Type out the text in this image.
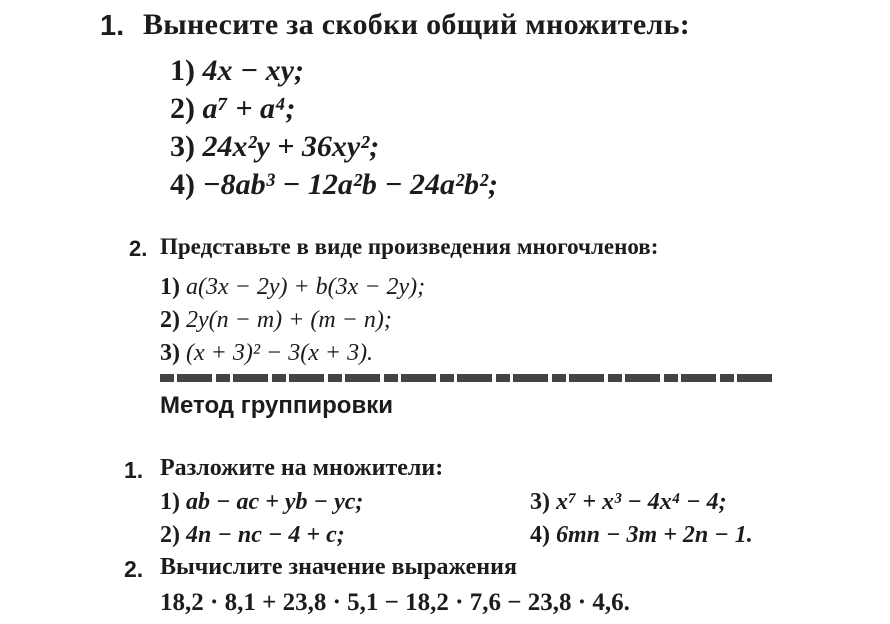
1. Вынесите за скобки общий множитель:
1) 4x − xy;
2) a⁷ + a⁴;
3) 24x²y + 36xy²;
4) −8ab³ − 12a²b − 24a²b²;
2. Представьте в виде произведения многочленов:
1) a(3x − 2y) + b(3x − 2y);
2) 2y(n − m) + (m − n);
3) (x + 3)² − 3(x + 3).
Метод группировки
1. Разложите на множители:
1) ab − ac + yb − yc;
2) 4n − nc − 4 + c;
3) x⁷ + x³ − 4x⁴ − 4;
4) 6mn − 3m + 2n − 1.
2. Вычислите значение выражения
18,2 · 8,1 + 23,8 · 5,1 − 18,2 · 7,6 − 23,8 · 4,6.
